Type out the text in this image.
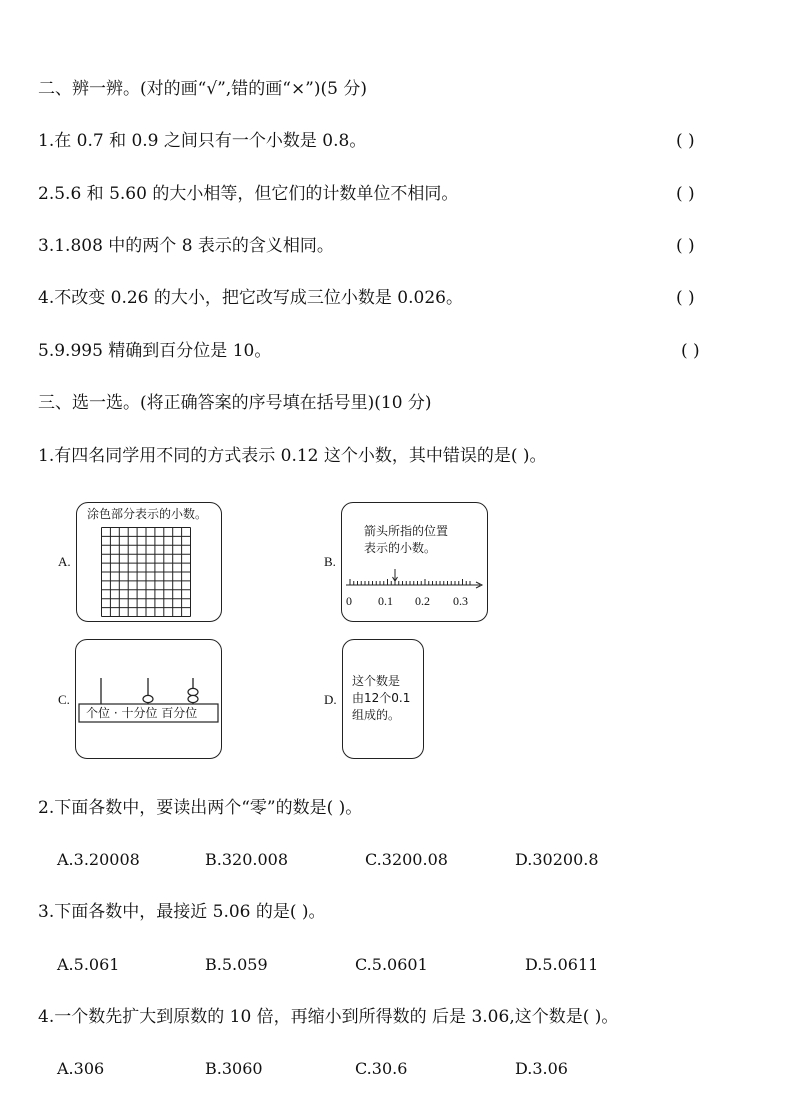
二、辨一辨。(对的画“√”,错的画“×”)(5 分)
1.在 0.7 和 0.9 之间只有一个小数是 0.8。	( )
2.5.6 和 5.60 的大小相等，但它们的计数单位不相同。	( )
3.1.808 中的两个 8 表示的含义相同。	( )
4.不改变 0.26 的大小，把它改写成三位小数是 0.026。	( )
5.9.995 精确到百分位是 10。	( )
三、选一选。(将正确答案的序号填在括号里)(10 分)
1.有四名同学用不同的方式表示 0.12 这个小数，其中错误的是( )。
A.
涂色部分表示的小数。
B.
箭头所指的位置
表示的小数。
0 0.1 0.2 0.3
C.
个位 · 十分位 百分位
D.
这个数是
由12个0.1
组成的。
2.下面各数中，要读出两个“零”的数是( )。
A.3.20008	B.320.008	C.3200.08	D.30200.8
3.下面各数中，最接近 5.06 的是( )。
A.5.061	B.5.059	C.5.0601	D.5.0611
4.一个数先扩大到原数的 10 倍，再缩小到所得数的 后是 3.06,这个数是( )。
A.306	B.3060	C.30.6	D.3.06
